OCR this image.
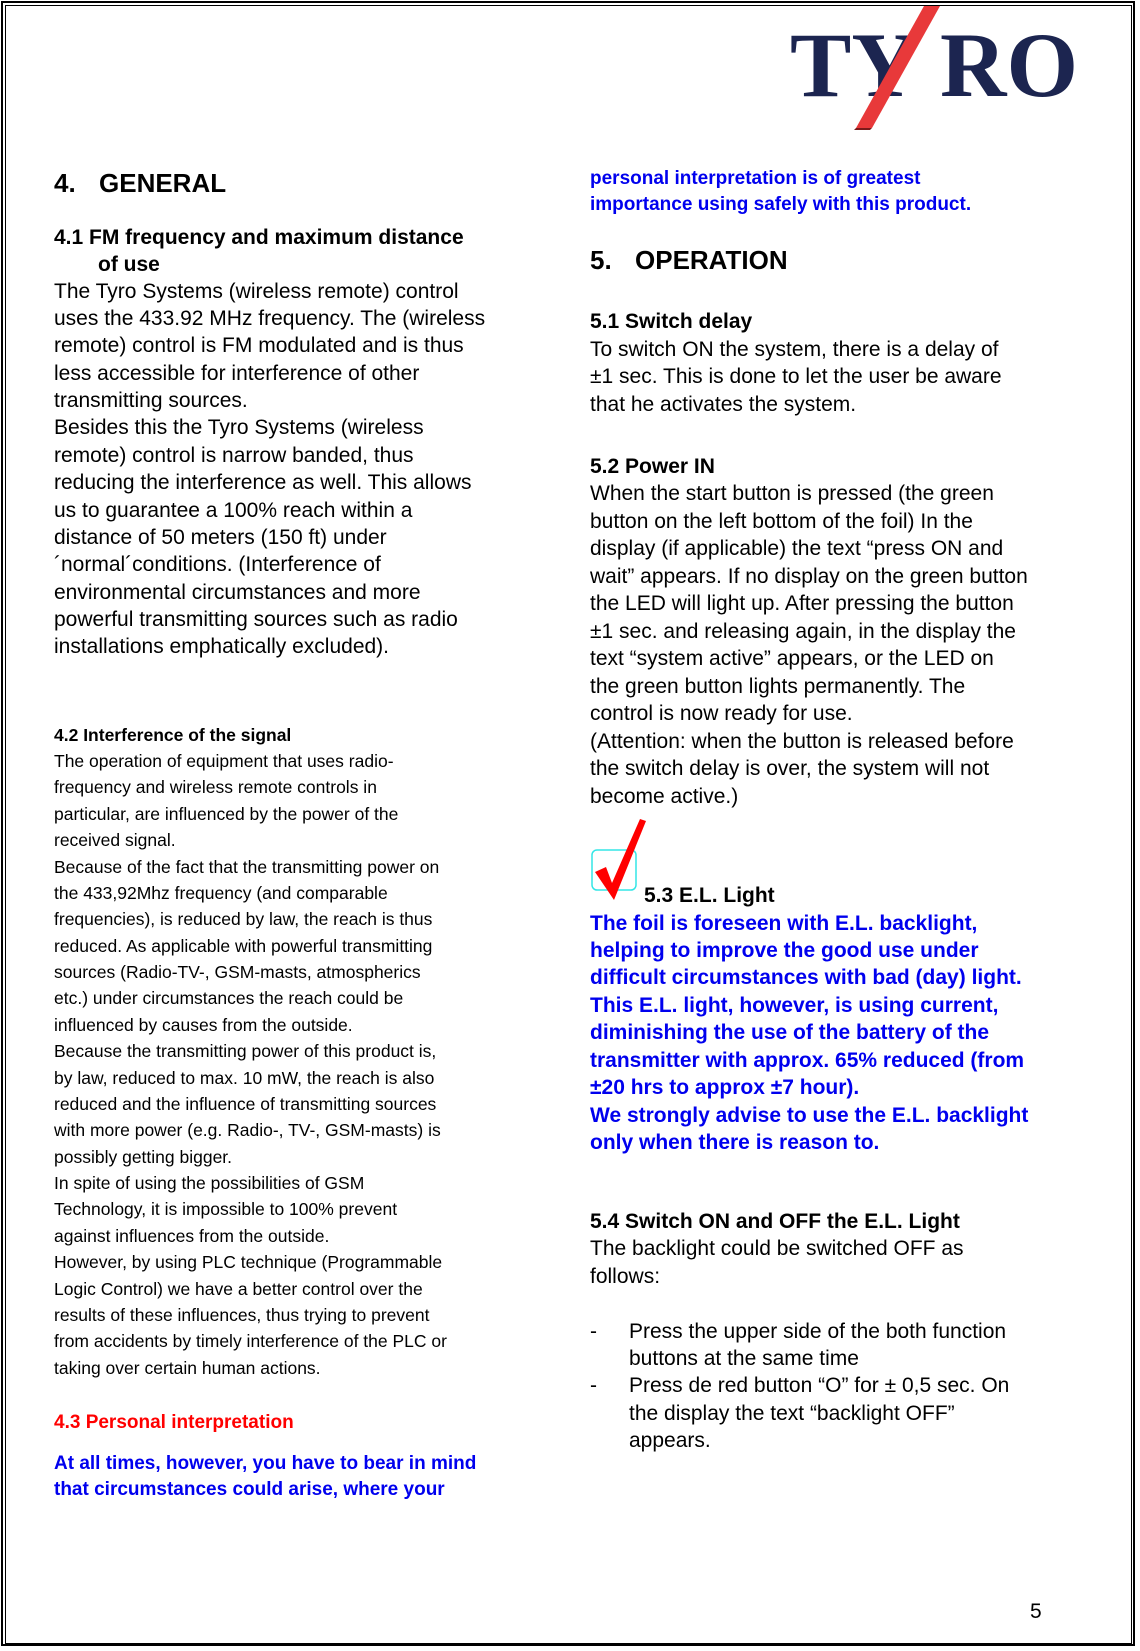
TY RO
4. GENERAL
4.1 FM frequency and maximum distance
of use
The Tyro Systems (wireless remote) control
uses the 433.92 MHz frequency. The (wireless
remote) control is FM modulated and is thus
less accessible for interference of other
transmitting sources.
Besides this the Tyro Systems (wireless
remote) control is narrow banded, thus
reducing the interference as well. This allows
us to guarantee a 100% reach within a
distance of 50 meters (150 ft) under
´normal´conditions. (Interference of
environmental circumstances and more
powerful transmitting sources such as radio
installations emphatically excluded).
4.2 Interference of the signal
The operation of equipment that uses radio-
frequency and wireless remote controls in
particular, are influenced by the power of the
received signal.
Because of the fact that the transmitting power on
the 433,92Mhz frequency (and comparable
frequencies), is reduced by law, the reach is thus
reduced. As applicable with powerful transmitting
sources (Radio-TV-, GSM-masts, atmospherics
etc.) under circumstances the reach could be
influenced by causes from the outside.
Because the transmitting power of this product is,
by law, reduced to max. 10 mW, the reach is also
reduced and the influence of transmitting sources
with more power (e.g. Radio-, TV-, GSM-masts) is
possibly getting bigger.
In spite of using the possibilities of GSM
Technology, it is impossible to 100% prevent
against influences from the outside.
However, by using PLC technique (Programmable
Logic Control) we have a better control over the
results of these influences, thus trying to prevent
from accidents by timely interference of the PLC or
taking over certain human actions.
4.3 Personal interpretation
At all times, however, you have to bear in mind
that circumstances could arise, where your
personal interpretation is of greatest
importance using safely with this product.
5. OPERATION
5.1 Switch delay
To switch ON the system, there is a delay of
±1 sec. This is done to let the user be aware
that he activates the system.
5.2 Power IN
When the start button is pressed (the green
button on the left bottom of the foil) In the
display (if applicable) the text “press ON and
wait” appears. If no display on the green button
the LED will light up. After pressing the button
±1 sec. and releasing again, in the display the
text “system active” appears, or the LED on
the green button lights permanently. The
control is now ready for use.
(Attention: when the button is released before
the switch delay is over, the system will not
become active.)
5.3 E.L. Light
The foil is foreseen with E.L. backlight,
helping to improve the good use under
difficult circumstances with bad (day) light.
This E.L. light, however, is using current,
diminishing the use of the battery of the
transmitter with approx. 65% reduced (from
±20 hrs to approx ±7 hour).
We strongly advise to use the E.L. backlight
only when there is reason to.
5.4 Switch ON and OFF the E.L. Light
The backlight could be switched OFF as
follows:
- Press the upper side of the both function
buttons at the same time
- Press de red button “O” for ± 0,5 sec. On
the display the text “backlight OFF”
appears.
5
